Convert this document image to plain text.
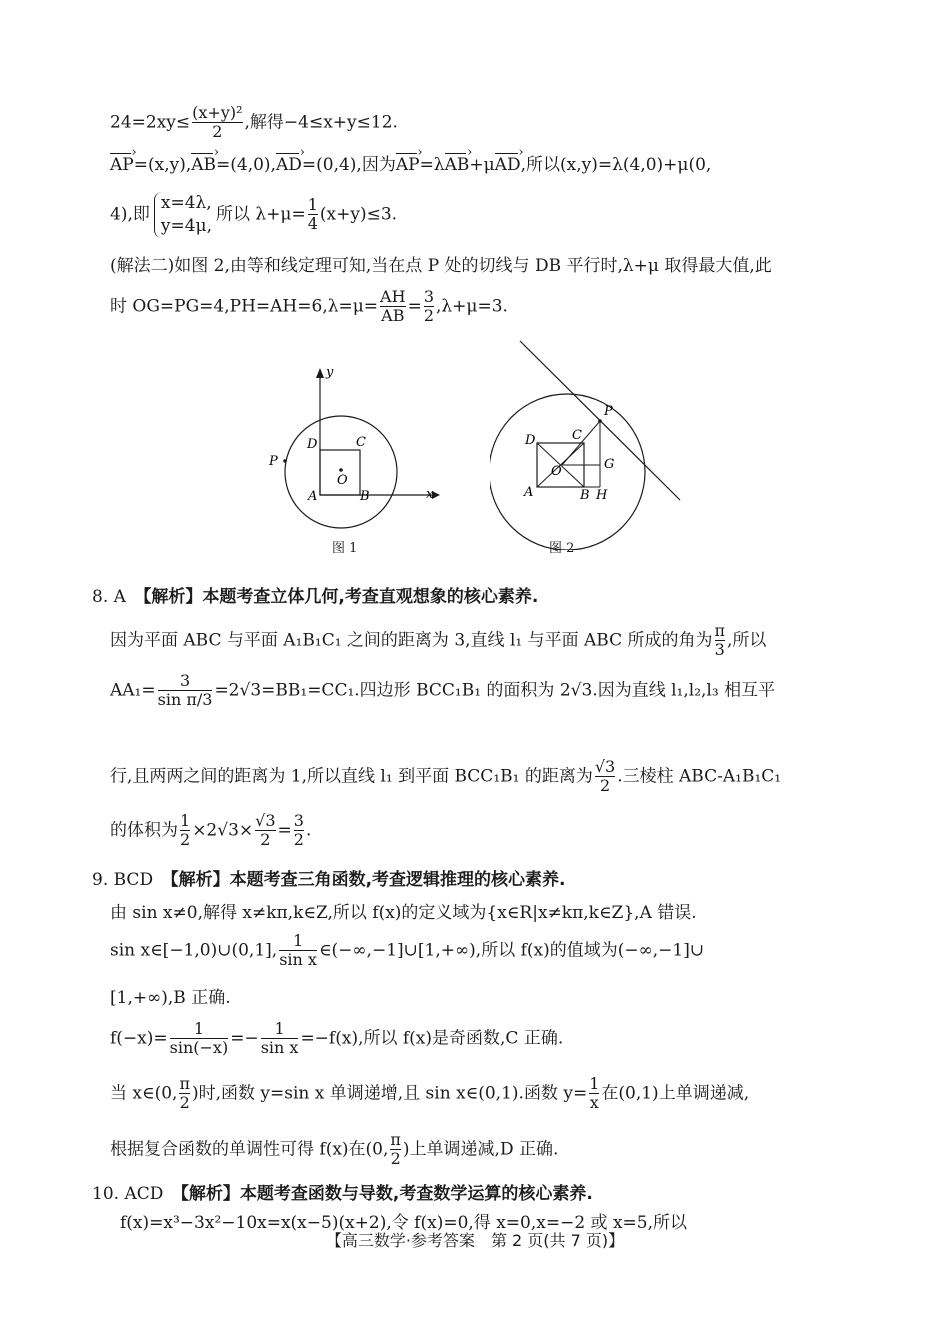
$24=2xy\le \frac{\text{(x+y)²}}{2}$ ,解得−4≤x+y≤12.
AP ›=(x,y),AB ›=(4,0),AD ›=(0,4),因为AP ›=λAB ›+μAD ›,所以(x,y)=λ(4,0)+μ(0,
4),即
x=4λ,
y=4μ,
所以 $\lambda+\mu= \frac{1}{4} (x+y)\le 3$.
(解法二)如图 2,由等和线定理可知,当在点 P 处的切线与 DB 平行时,λ+μ 取得最大值,此
时 $OG=PG=4,PH=AH=6,\lambda=\mu= \frac{AH}{AB} = \frac{3}{2} ,\lambda+\mu=3$.
y
x
P
D	C
O
A	B
图 1
P
D	C
O	G
A	B H
图 2
8. A　 【解析】本题考查立体几何,考查直观想象的核心素养.
因为平面 ABC 与平面 A₁B₁C₁ 之间的距离为 3,直线 l₁ 与平面 ABC 所成的角为 $\frac{\pi}{3}$ ,所以
$AA_1= \frac{3}{\text{sin π/3}} =2√3=BB_1=CC_1$.四边形 BCC₁B₁ 的面积为 2√3.因为直线 l₁,l₂,l₃ 相互平
行,且两两之间的距离为 1,所以直线 l₁ 到平面 BCC₁B₁ 的距离为 $\frac{√3}{2}$ .三棱柱 ABC-A₁B₁C₁
的体积为 $\frac{1}{2} \times 2√3\times \frac{√3}{2} = \frac{3}{2}$ .
9. BCD　 【解析】本题考查三角函数,考查逻辑推理的核心素养.
由 sin x≠0,解得 x≠kπ,k∈Z,所以 f(x)的定义域为{x∈R|x≠kπ,k∈Z},A 错误.
sin x∈[−1,0)∪(0,1], $\frac{1}{\text{sin x}}$ ∈(−∞,−1]∪[1,+∞),所以 f(x)的值域为(−∞,−1]∪
[1,+∞),B 正确.
$f(-x)= \frac{1}{\sin(-x)} =- \frac{1}{\text{sin x}} =-f(x)$,所以 f(x)是奇函数,C 正确.
当 x∈(0, $\frac{\pi}{2}$ )时,函数 y=sin x 单调递增,且 sin x∈(0,1).函数 $y= \frac{1}{x}$ 在(0,1)上单调递减,
根据复合函数的单调性可得 f(x)在(0, $\frac{\pi}{2}$ )上单调递减,D 正确.
10. ACD　 【解析】本题考查函数与导数,考查数学运算的核心素养.
f(x)=x³−3x²−10x=x(x−5)(x+2),令 f(x)=0,得 x=0,x=−2 或 x=5,所以
【高三数学·参考答案　第 2 页(共 7 页)】
